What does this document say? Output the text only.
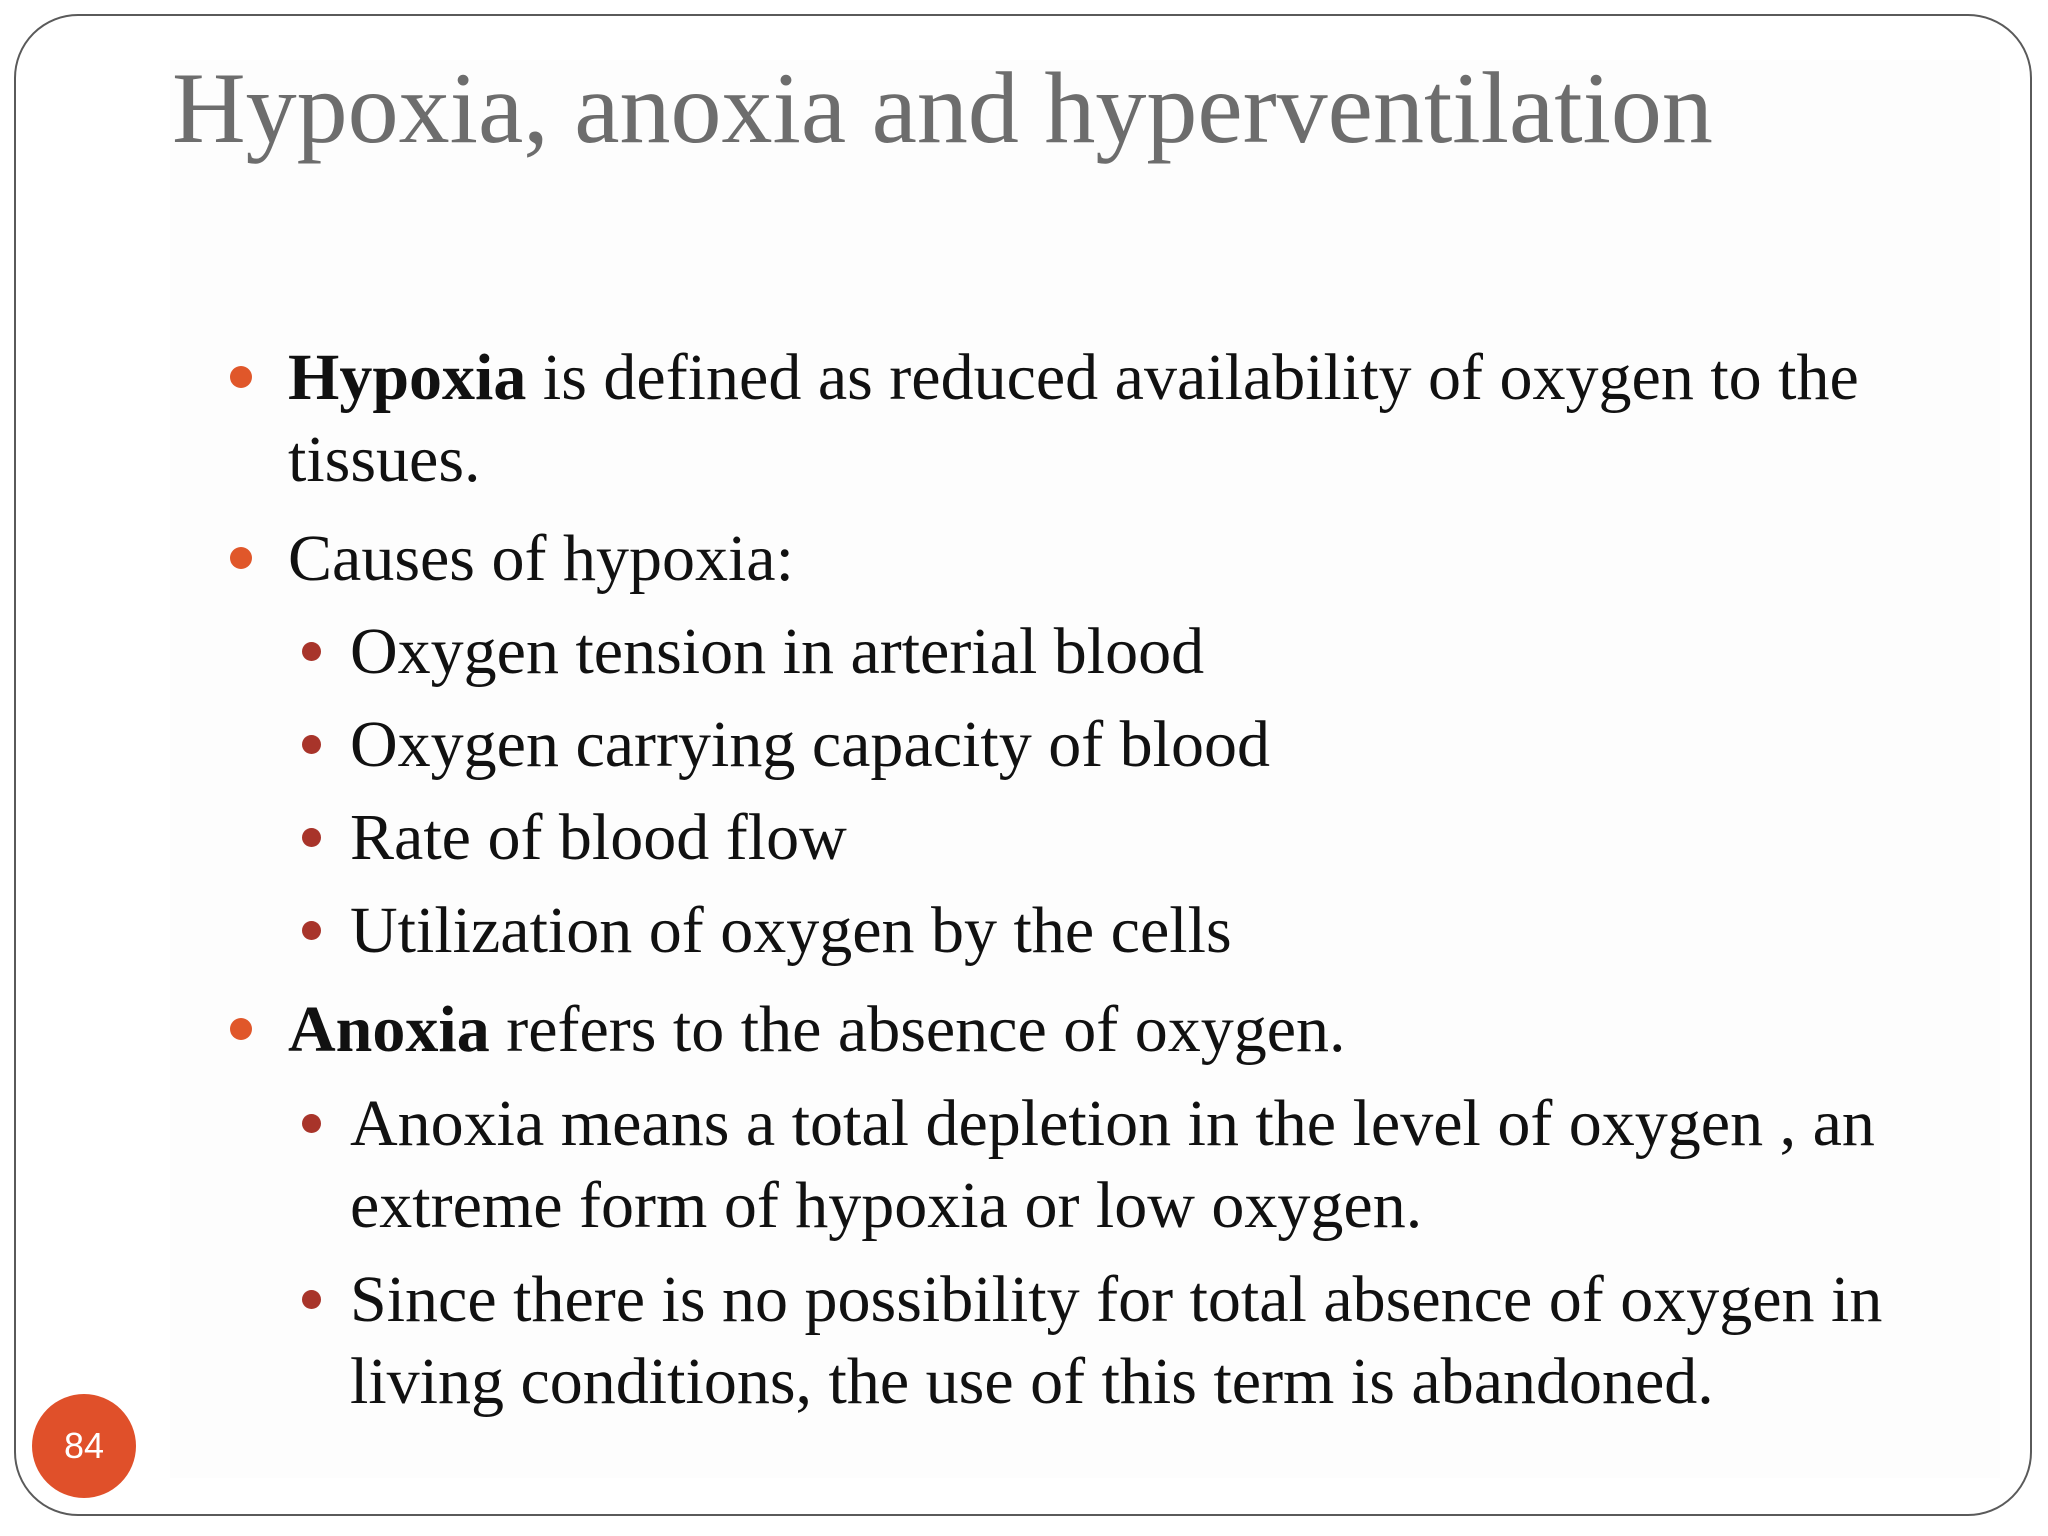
Hypoxia, anoxia and hyperventilation
Hypoxia is defined as reduced availability of oxygen to the tissues.
Causes of hypoxia:
Oxygen tension in arterial blood
Oxygen carrying capacity of blood
Rate of blood flow
Utilization of oxygen by the cells
Anoxia refers to the absence of oxygen.
Anoxia means a total depletion in the level of oxygen , an extreme form of hypoxia or low oxygen.
Since there is no possibility for total absence of oxygen in living conditions, the use of this term is abandoned.
84
